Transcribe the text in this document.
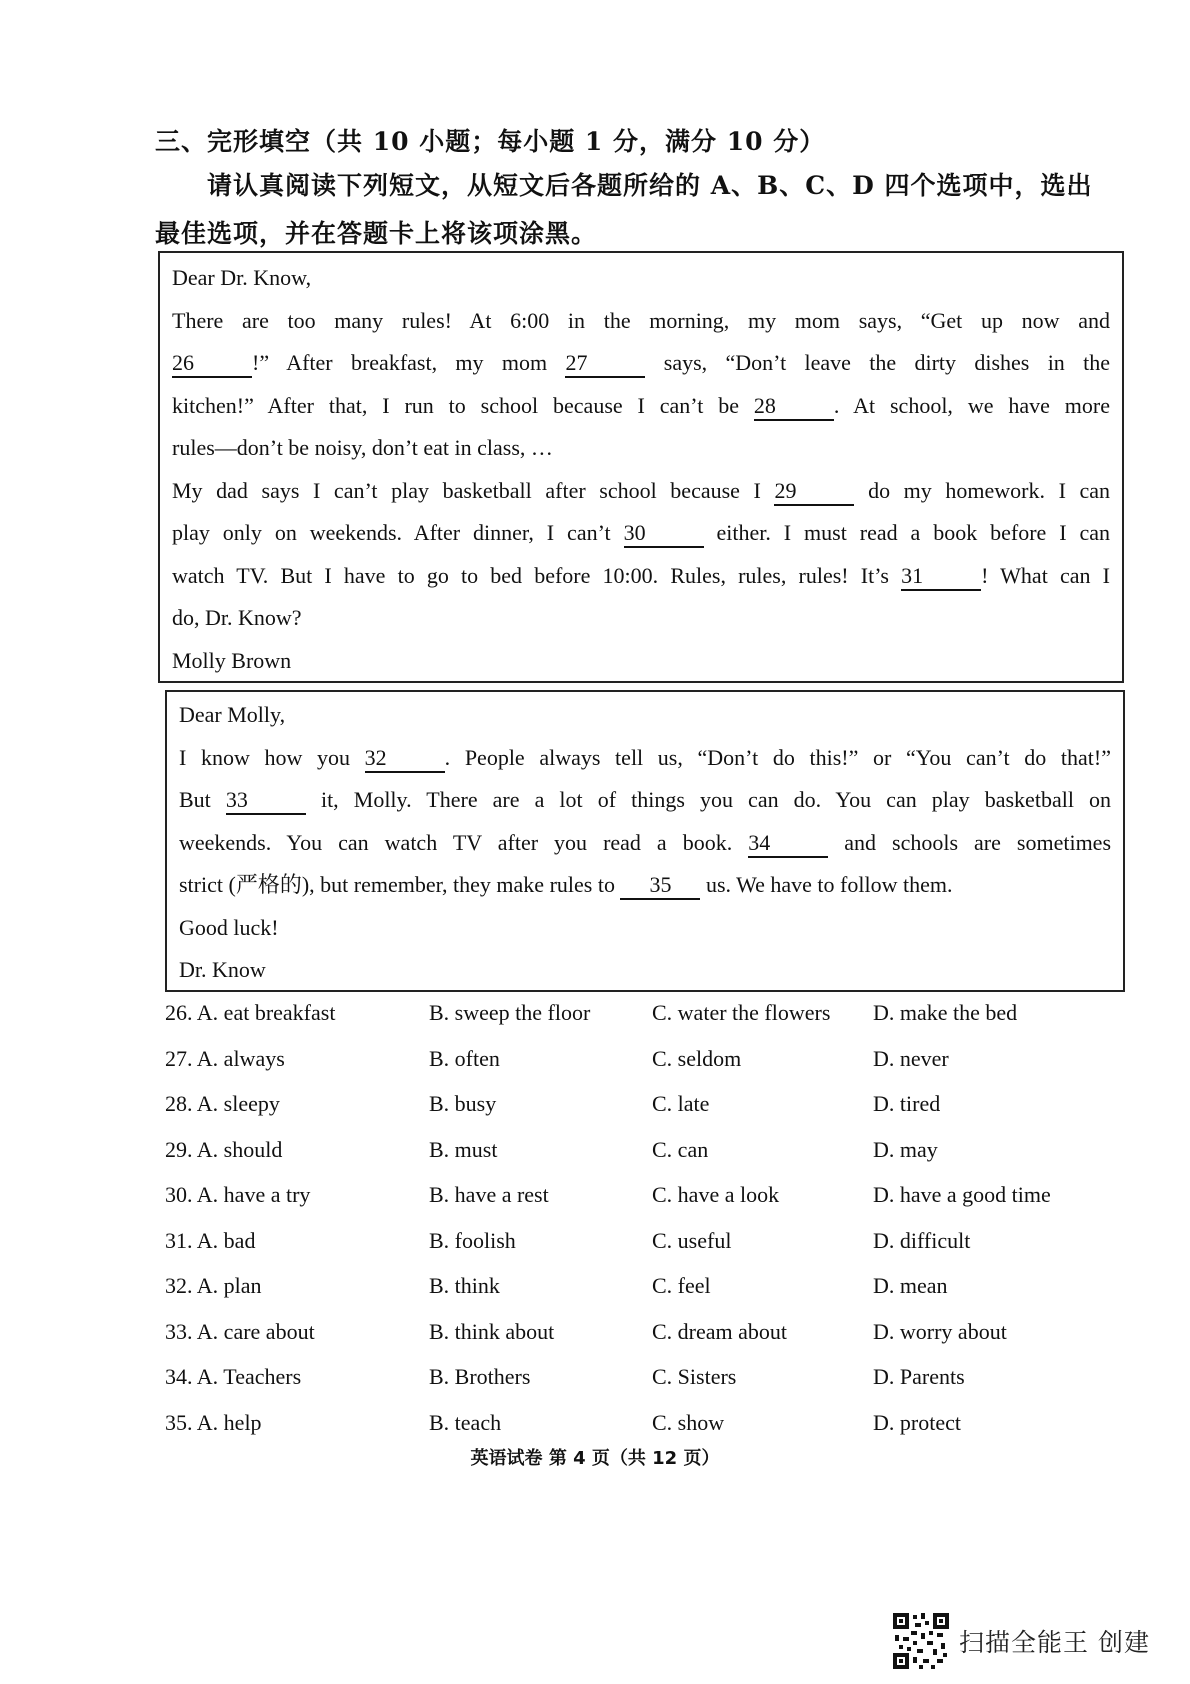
三、完形填空（共 10 小题；每小题 1 分，满分 10 分）
请认真阅读下列短文，从短文后各题所给的 A、B、C、D 四个选项中，选出最佳选项，并在答题卡上将该项涂黑。
Dear Dr. Know,
There are too many rules! At 6:00 in the morning, my mom says, “Get up now and
26	!” After breakfast, my mom 27	says, “Don’t leave the dirty dishes in the
kitchen!” After that, I run to school because I can’t be 28	. At school, we have more
rules—don’t be noisy, don’t eat in class, …
My dad says I can’t play basketball after school because I 29	do my homework. I can
play only on weekends. After dinner, I can’t 30	either. I must read a book before I can
watch TV. But I have to go to bed before 10:00. Rules, rules, rules! It’s 31	! What can I
do, Dr. Know?
Molly Brown
Dear Molly,
I know how you 32	. People always tell us, “Don’t do this!” or “You can’t do that!”
But 33	it, Molly. There are a lot of things you can do. You can play basketball on
weekends. You can watch TV after you read a book. 34	and schools are sometimes
strict (严格的), but remember, they make rules to 35 us. We have to follow them.
Good luck!
Dr. Know
26. A. eat breakfast	B. sweep the floor	C. water the flowers D. make the bed
27. A. always	B. often	C. seldom	D. never
28. A. sleepy	B. busy	C. late	D. tired
29. A. should	B. must	C. can	D. may
30. A. have a try	B. have a rest	C. have a look	D. have a good time
31. A. bad	B. foolish	C. useful	D. difficult
32. A. plan	B. think	C. feel	D. mean
33. A. care about	B. think about	C. dream about	D. worry about
34. A. Teachers	B. Brothers	C. Sisters	D. Parents
35. A. help	B. teach	C. show	D. protect
英语试卷 第 4 页（共 12 页）
扫描全能王 创建
